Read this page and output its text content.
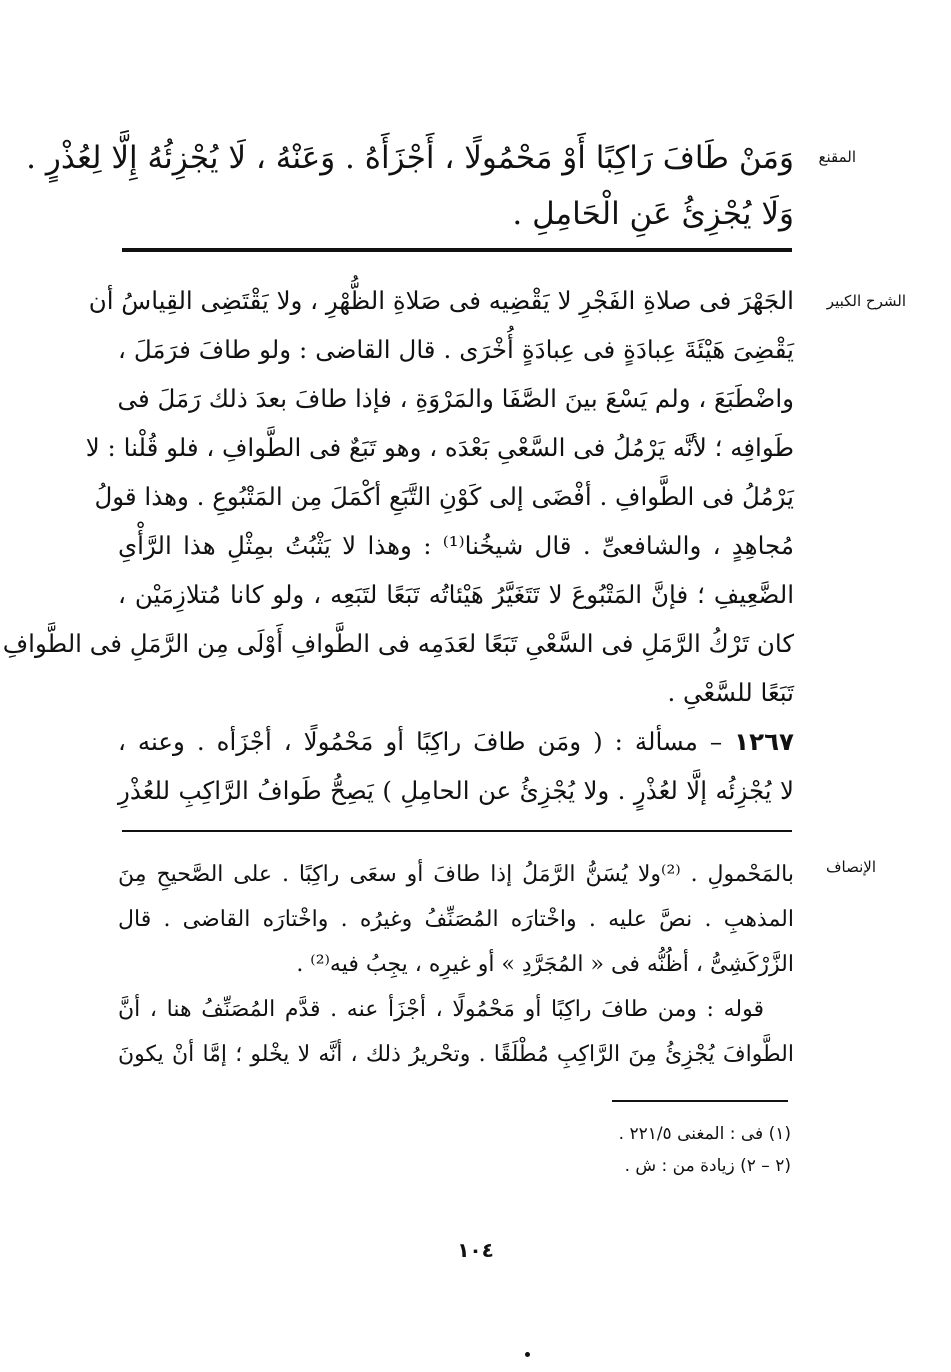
المقنع
الشرح الكبير
الإنصاف
وَمَنْ طَافَ رَاكِبًا أَوْ مَحْمُولًا ، أَجْزَأَهُ . وَعَنْهُ ، لَا يُجْزِئُهُ إِلَّا لِعُذْرٍ .
وَلَا يُجْزِئُ عَنِ الْحَامِلِ .
الجَهْرَ فى صلاةِ الفَجْرِ لا يَقْضِيه فى صَلاةِ الظُّهْرِ ، ولا يَقْتَضِى القِياسُ أن
يَقْضِىَ هَيْئَةَ عِبادَةٍ فى عِبادَةٍ أُخْرَى . قال القاضى : ولو طافَ فرَمَلَ ،
واضْطَبَعَ ، ولم يَسْعَ بينَ الصَّفَا والمَرْوَةِ ، فإذا طافَ بعدَ ذلك رَمَلَ فى
طَوافِه ؛ لأنَّه يَرْمُلُ فى السَّعْىِ بَعْدَه ، وهو تَبَعٌ فى الطَّوافِ ، فلو قُلْنا : لا
يَرْمُلُ فى الطَّوافِ . أفْضَى إلى كَوْنِ التَّبَعِ أكْمَلَ مِن المَتْبُوعِ . وهذا قولُ
مُجاهِدٍ ، والشافعىِّ . قال شيخُنا⁽¹⁾ : وهذا لا يَثْبُتُ بمِثْلِ هذا الرَّأْىِ
الضَّعِيفِ ؛ فإنَّ المَتْبُوعَ لا تَتَغَيَّرُ هَيْئاتُه تَبَعًا لتَبَعِه ، ولو كانا مُتلازِمَيْن ،
كان تَرْكُ الرَّمَلِ فى السَّعْىِ تَبَعًا لعَدَمِه فى الطَّوافِ أَوْلَى مِن الرَّمَلِ فى الطَّوافِ
تَبَعًا للسَّعْىِ .
١٢٦٧ – مسألة : ( ومَن طافَ راكِبًا أو مَحْمُولًا ، أجْزَأه . وعنه ،
لا يُجْزِئُه إلَّا لعُذْرٍ . ولا يُجْزِئُ عن الحامِلِ ) يَصِحُّ طَوافُ الرَّاكِبِ للعُذْرِ
بالمَحْمولِ . ⁽²⁾ولا يُسَنُّ الرَّمَلُ إذا طافَ أو سعَى راكِبًا . على الصَّحيحِ مِنَ
المذهبِ . نصَّ عليه . واخْتارَه المُصَنِّفُ وغيرُه . واخْتارَه القاضى . قال
الزَّرْكَشِىُّ ، أظُنُّه فى « المُجَرَّدِ » أو غيرِه ، يجِبُ فيه⁽²⁾ .
قوله : ومن طافَ راكِبًا أو مَحْمُولًا ، أجْزَأ عنه . قدَّم المُصَنِّفُ هنا ، أنَّ
الطَّوافَ يُجْزِئُ مِنَ الرَّاكِبِ مُطْلَقًا . وتحْريرُ ذلك ، أنَّه لا يخْلو ؛ إمَّا أنْ يكونَ
(١) فى : المغنى ٢٢١/٥ .
(٢ – ٢) زيادة من : ش .
١٠٤
